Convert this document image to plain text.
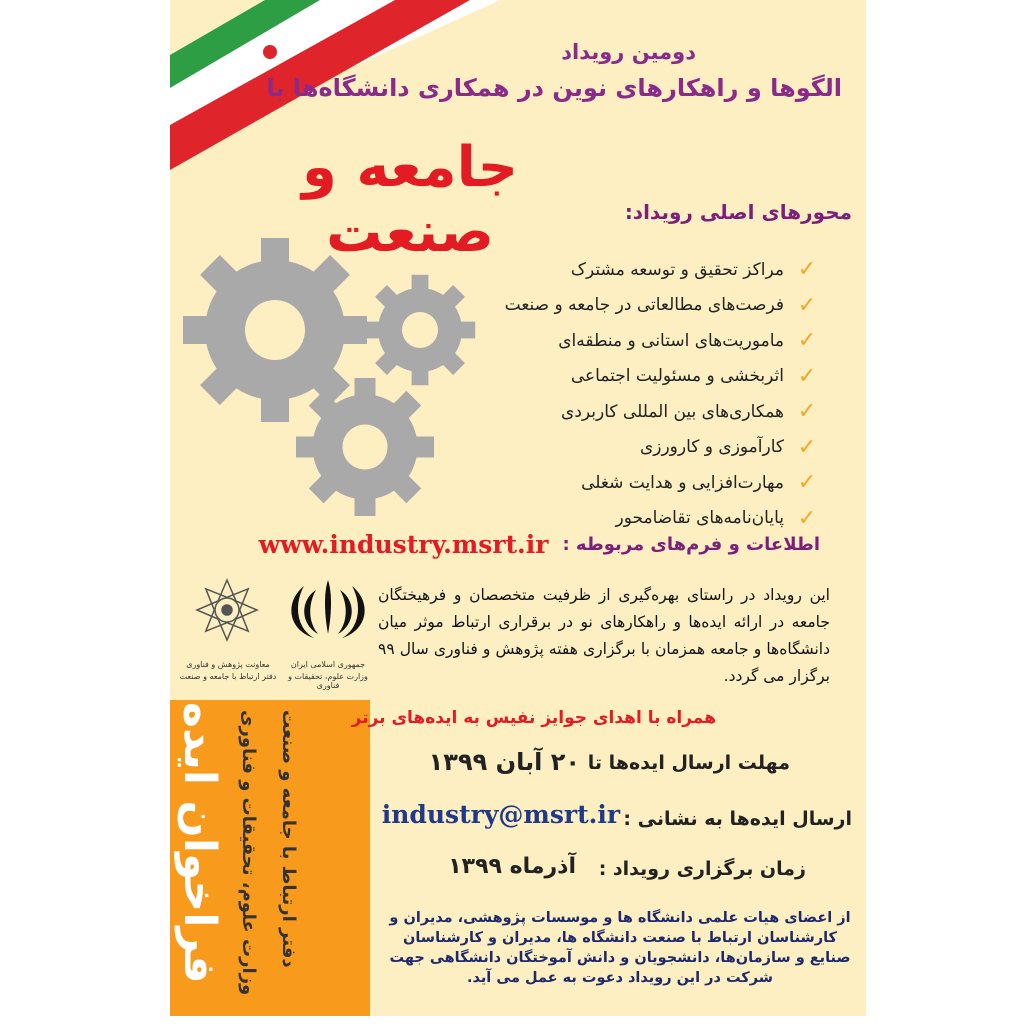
دومین رویداد
الگوها و راهکارهای نوین در همکاری دانشگاه‌ها با
جامعه و صنعت	محورهای اصلی رویداد:
✓
مراکز تحقیق و توسعه مشترک
✓
فرصت‌های مطالعاتی در جامعه و صنعت
✓
ماموریت‌های استانی و منطقه‌ای
✓
اثربخشی و مسئولیت اجتماعی
✓
همکاری‌های بین المللی کاربردی
✓
کارآموزی و کارورزی
✓
مهارت‌افزایی و هدایت شغلی
✓
پایان‌نامه‌های تقاضامحور
اطلاعات و فرم‌های مربوطه :
www.industry.msrt.ir
معاونت پژوهش و فناوری
دفتر ارتباط با جامعه و صنعت
جمهوری اسلامی ایران
وزارت علوم، تحقیقات و فناوری

این رویداد در راستای بهره‌گیری از ظرفیت متخصصان و فرهیختگان جامعه در ارائه ایده‌ها و راهکارهای نو در برقراری ارتباط موثر میان دانشگاه‌ها و جامعه همزمان با برگزاری هفته پژوهش و فناوری سال ۹۹ برگزار می گردد.

فراخوان ایده	دفتر ارتباط با جامعه و صنعت
وزارت علوم، تحقیقات و فناوری	همراه با اهدای جوایز نفیس به ایده‌های برتر
مهلت ارسال ایده‌ها تا
۲۰ آبان ۱۳۹۹
ارسال ایده‌ها به نشانی :
industry@msrt.ir
زمان برگزاری رویداد :
آذرماه ۱۳۹۹

از اعضای هیات علمی دانشگاه ها و موسسات پژوهشی، مدیران و کارشناسان ارتباط با صنعت دانشگاه ها، مدیران و کارشناسان صنایع و سازمان‌ها، دانشجویان و دانش آموختگان دانشگاهی جهت شرکت در این رویداد دعوت به عمل می آید.
